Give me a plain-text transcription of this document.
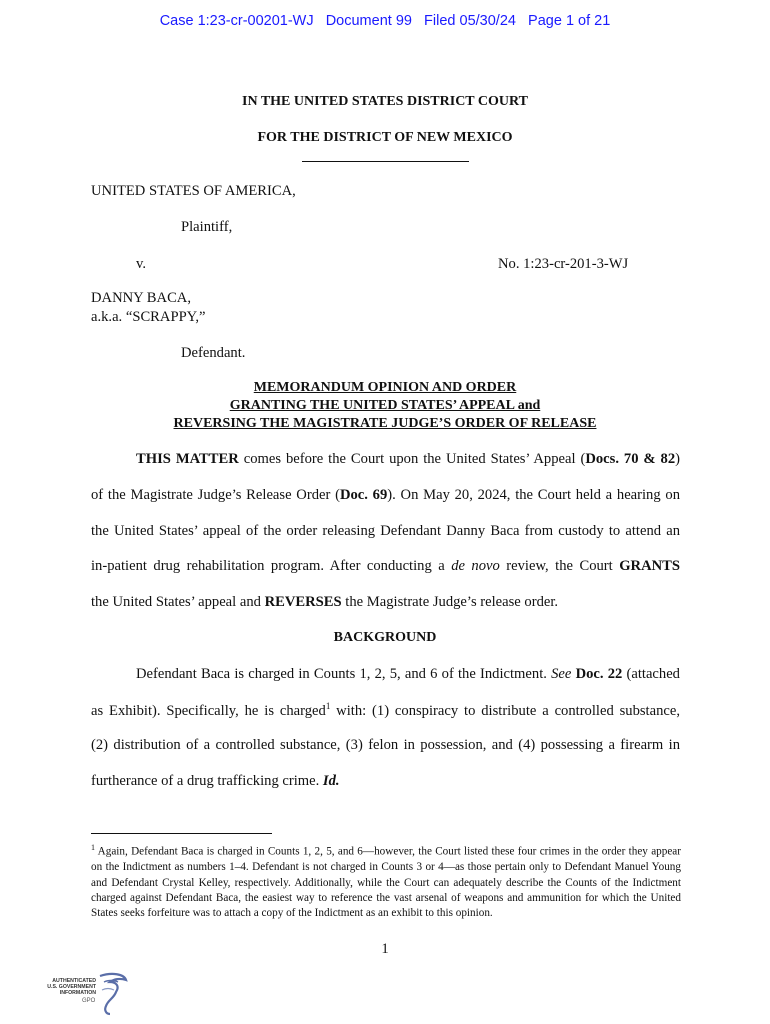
Case 1:23-cr-00201-WJ Document 99 Filed 05/30/24 Page 1 of 21
IN THE UNITED STATES DISTRICT COURT
FOR THE DISTRICT OF NEW MEXICO
UNITED STATES OF AMERICA,
Plaintiff,
v.	No. 1:23-cr-201-3-WJ
DANNY BACA,
a.k.a. “SCRAPPY,”
Defendant.
MEMORANDUM OPINION AND ORDER
GRANTING THE UNITED STATES’ APPEAL and
REVERSING THE MAGISTRATE JUDGE’S ORDER OF RELEASE
THIS MATTER comes before the Court upon the United States’ Appeal (Docs. 70 & 82)
of the Magistrate Judge’s Release Order (Doc. 69). On May 20, 2024, the Court held a hearing on
the United States’ appeal of the order releasing Defendant Danny Baca from custody to attend an
in-patient drug rehabilitation program. After conducting a de novo review, the Court GRANTS
the United States’ appeal and REVERSES the Magistrate Judge’s release order.
BACKGROUND
Defendant Baca is charged in Counts 1, 2, 5, and 6 of the Indictment. See Doc. 22 (attached
as Exhibit). Specifically, he is charged$^1$ with: (1) conspiracy to distribute a controlled substance,
(2) distribution of a controlled substance, (3) felon in possession, and (4) possessing a firearm in
furtherance of a drug trafficking crime. Id.
$^1$ Again, Defendant Baca is charged in Counts 1, 2, 5, and 6—however, the Court listed these four crimes in the order they appear on the Indictment as numbers 1–4. Defendant is not charged in Counts 3 or 4—as those pertain only to Defendant Manuel Young and Defendant Crystal Kelley, respectively. Additionally, while the Court can adequately describe the Counts of the Indictment charged against Defendant Baca, the easiest way to reference the vast arsenal of weapons and ammunition for which the United States seeks forfeiture was to attach a copy of the Indictment as an exhibit to this opinion.
1
AUTHENTICATED
U.S. GOVERNMENT
INFORMATION
GPO
